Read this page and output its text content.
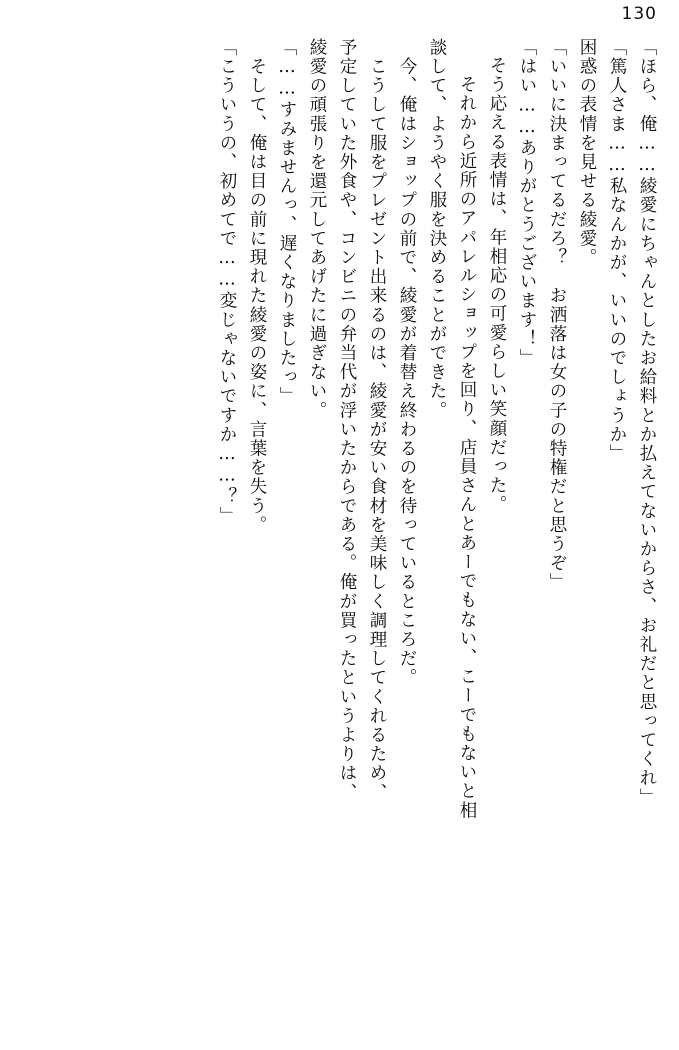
130
「ほら、俺……綾愛にちゃんとしたお給料とか払えてないからさ、お礼だと思ってくれ」
「篤人さま……私なんかが、いいのでしょうか」
困惑の表情を見せる綾愛。
「いいに決まってるだろ？　お洒落は女の子の特権だと思うぞ」
「はい……ありがとうございます！」
そう応える表情は、年相応の可愛らしい笑顔だった。
　それから近所のアパレルショップを回り、店員さんとあーでもない、こーでもないと相
談して、ようやく服を決めることができた。
　今、俺はショップの前で、綾愛が着替え終わるのを待っているところだ。
　こうして服をプレゼント出来るのは、綾愛が安い食材を美味しく調理してくれるため、
予定していた外食や、コンビニの弁当代が浮いたからである。俺が買ったというよりは、
綾愛の頑張りを還元してあげたに過ぎない。
「……すみませんっ、遅くなりましたっ」
　そして、俺は目の前に現れた綾愛の姿に、言葉を失う。
「こういうの、初めてで……変じゃないですか……？」
